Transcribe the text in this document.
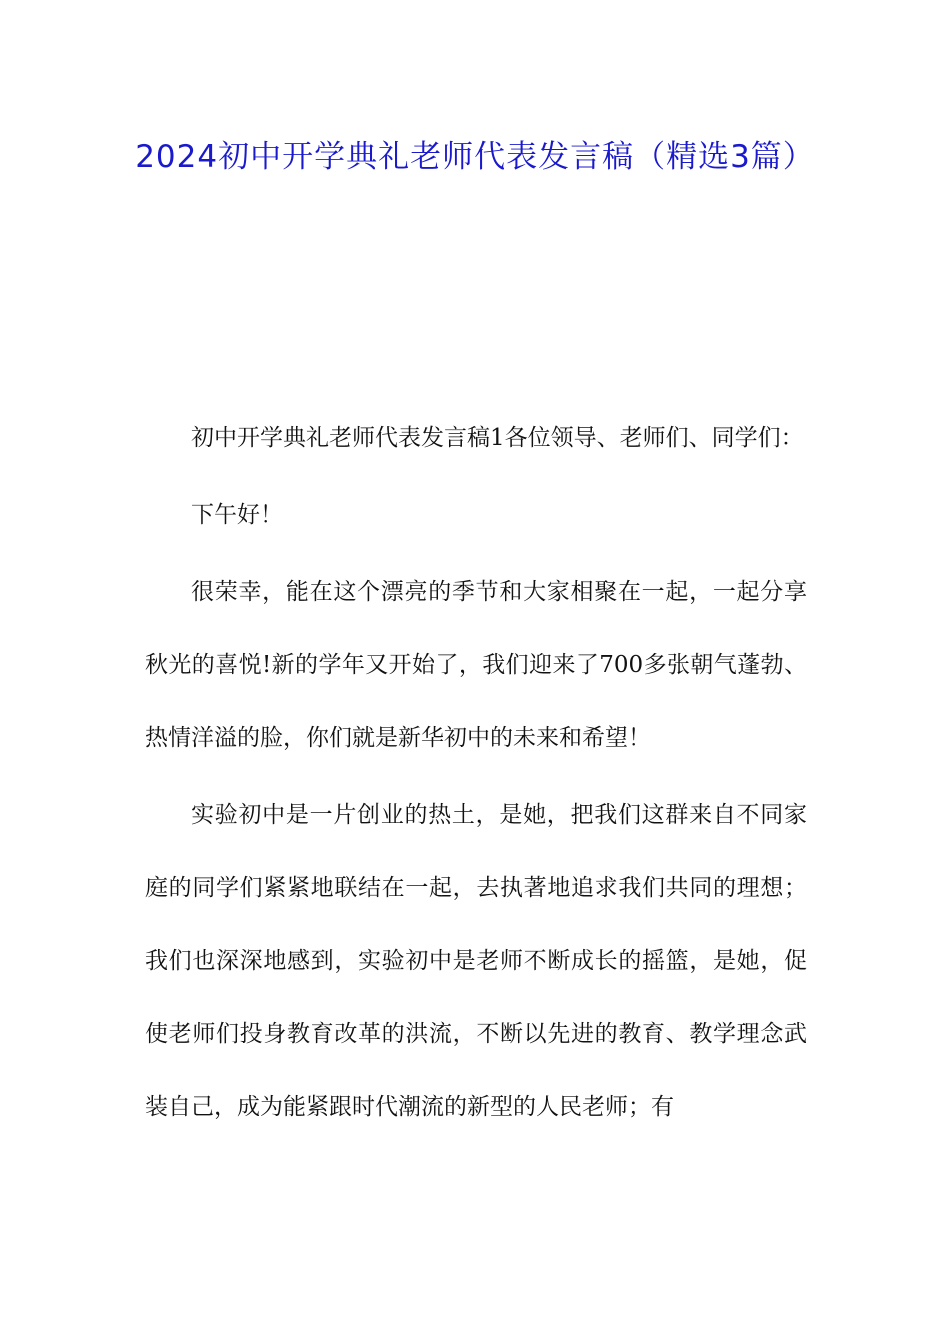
2024初中开学典礼老师代表发言稿（精选3篇）

初中开学典礼老师代表发言稿1各位领导、老师们、同学们：

下午好！

很荣幸，能在这个漂亮的季节和大家相聚在一起，一起分享秋光的喜悦!新的学年又开始了，我们迎来了700多张朝气蓬勃、热情洋溢的脸，你们就是新华初中的未来和希望！

实验初中是一片创业的热土，是她，把我们这群来自不同家庭的同学们紧紧地联结在一起，去执著地追求我们共同的理想；我们也深深地感到，实验初中是老师不断成长的摇篮，是她，促使老师们投身教育改革的洪流，不断以先进的教育、教学理念武装自己，成为能紧跟时代潮流的新型的人民老师；有
